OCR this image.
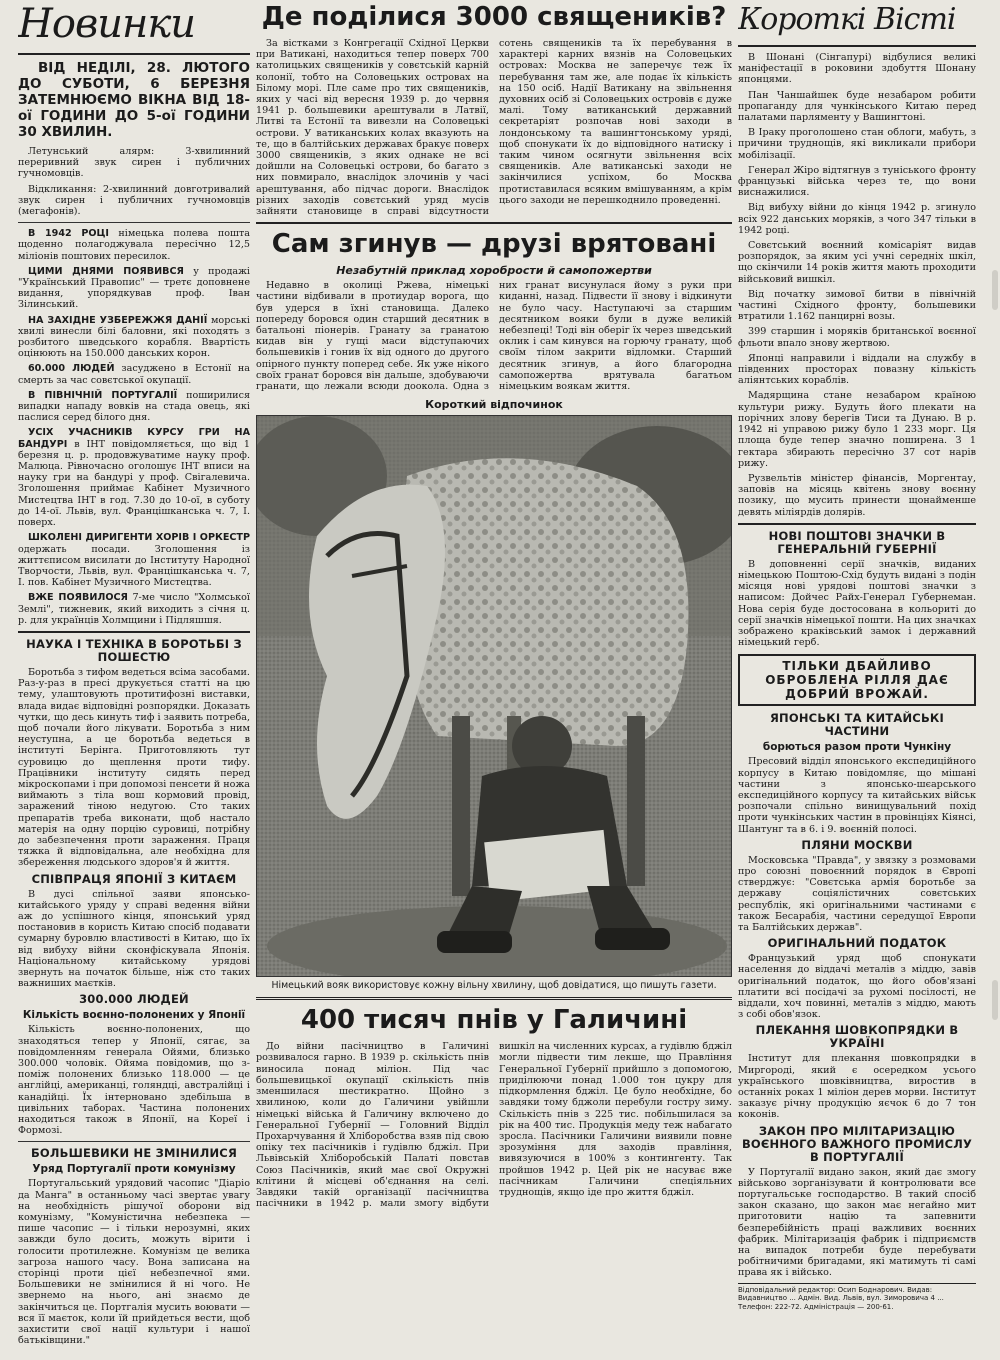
Новинки
ВІД НЕДІЛІ, 28. ЛЮТОГО ДО СУБОТИ, 6 БЕРЕЗНЯ ЗАТЕМНЮЄМО ВІКНА ВІД 18-ої ГОДИНИ ДО 5-ої ГОДИНИ 30 ХВИЛИН.

Летунський алярм: 3-хвилинний переривний звук сирен і публичних гучномовців.

Відкликання: 2-хвилинний довготривалий звук сирен і публичних гучномовців (мегафонів).

В 1942 РОЦІ німецька полева пошта щоденно полагоджувала пересічно 12,5 міліонів поштових пересилок.

ЦИМИ ДНЯМИ ПОЯВИВСЯ у продажі "Український Правопис" — третє доповнене видання, упорядкував проф. Іван Зілинський.

НА ЗАХІДНЕ УЗБЕРЕЖЖЯ ДАНІЇ морські хвилі винесли білі баловни, які походять з розбитого шведського корабля. Ввартість оцінюють на 150.000 данських корон.

60.000 ЛЮДЕЙ засуджено в Естонії на смерть за час совєтської окупації.

В ПІВНІЧНІЙ ПОРТУГАЛІЇ поширилися випадки нападу вовків на стада овець, які паслися серед білого дня.

УСІХ УЧАСНИКІВ КУРСУ ГРИ НА БАНДУРІ в ІНТ повідомляється, що від 1 березня ц. р. продовжуватиме науку проф. Малюца. Рівночасно оголошує ІНТ вписи на науку гри на бандурі у проф. Свігалевича. Зголошення приймає Кабінет Музичного Мистецтва ІНТ в год. 7.30 до 10-ої, в суботу до 14-ої. Львів, вул. Францішканська ч. 7, I. поверх.

ШКОЛЕНІ ДИРИГЕНТИ ХОРІВ І ОРКЕСТР одержать посади. Зголошення із життєписом висилати до Інституту Народної Творчости, Львів, вул. Францішканська ч. 7, I. пов. Кабінет Музичного Мистецтва.

ВЖЕ ПОЯВИЛОСЯ 7-ме число "Холмської Землі", тижневик, який виходить з січня ц. р. для українців Холмщини і Підляшшя.

НАУКА І ТЕХНІКА В БОРОТЬБІ З ПОШЕСТЮ

Боротьба з тифом ведеться всіма засобами. Раз-у-раз в пресі друкується статті на цю тему, улаштовують протитифозні виставки, влада видає відповідні розпорядки. Доказать чутки, що десь кинуть тиф і заявить потреба, щоб почали його лікувати. Боротьба з ним неуступна, а це боротьба ведеться в інституті Берінга. Приготовляють тут суровицю до щеплення проти тифу. Працівники інституту сидять перед мікроскопами і при допомозі пенсети й ножа виймають з тіла вош кормовий провід, заражений тіною недугою. Сто таких препаратів треба виконати, щоб настало матерія на одну порцію суровиці, потрібну до забезпечення проти зараження. Праця тяжка й відповідальна, але необхідна для збереження людського здоров'я й життя.

СПІВПРАЦЯ ЯПОНІЇ З КИТАЄМ

В дусі спільної заяви японсько-китайського уряду у справі ведення війни аж до успішного кінця, японський уряд постановив в користь Китаю спосіб подавати сумарну буровлю властивості в Китаю, що їх від вибуху війни сконфіскувала Японія. Національному китайському урядові звернуть на початок більше, ніж сто таких важниших маєтків.

300.000 ЛЮДЕЙ
Кількість воєнно-полонених у Японії

Кількість воєнно-полонених, що знаходяться тепер у Японії, сягає, за повідомленням генерала Ойями, близько 300.000 чоловік. Ойяма повідомив, що з-поміж полонених близько 118.000 — це англійці, американці, голяндці, австралійці і канадійці. Їх інтерновано здебільша в цивільних таборах. Частина полонених находиться також в Японії, на Кореї і Формозі.

БОЛЬШЕВИКИ НЕ ЗМІНИЛИСЯ
Уряд Португалії проти комунізму

Португальський урядовий часопис "Діаріо да Манга" в останньому часі звертає увагу на необхідність рішучої оборони від комунізму, "Комуністична небезпека — пише часопис — і тільки нерозумні, яких завжди було досить, можуть вірити і голосити протилежне. Комунізм це велика загроза нашого часу. Вона записана на сторінці проти цієї небезпечної ями. Большевики не змінилися й ні чого. Не звернемо на нього, ані знаємо де закінчиться це. Портгалія мусить воювати — вся її маєток, коли їй прийдеться вести, щоб захистити свої нації культури і нашої батьківщини."

Де поділися 3000 священиків?

За вістками з Конгрегації Східної Церкви при Ватикані, находиться тепер поверх 700 католицьких священиків у совєтській карній колонії, тобто на Соловецьких островах на Білому морі. Пле саме про тих священиків, яких у часі від вересня 1939 р. до червня 1941 р. большевики арештували в Латвії, Литві та Естонії та вивезли на Соловецькі острови. У ватиканських колах вказують на те, що в балтійських державах бракує поверх 3000 священиків, з яких однаке не всі дойшли на Соловецькі острови, бо багато з них повмирало, внаслідок злочинів у часі арештування, або підчас дороги. Внаслідок різних заходів совєтський уряд мусів зайняти становище в справі відсутности сотень священиків та їх перебування в характері карних вязнів на Соловецьких островах: Москва не заперечує теж їх перебування там же, але подає їх кількість на 150 осіб. Надії Ватикану на звільнення духовних осіб зі Соловецьких островів є дуже малі. Тому ватиканський державний секретаріят розпочав нові заходи в лондонському та вашингтонському уряді, щоб спонукати їх до відповідного натиску і таким чином осягнути звільнення всіх священиків. Але ватиканські заходи не закінчилися успіхом, бо Москва протиставилася всяким вмішуванням, а крім цього заходи не перешкоднило проведенні.

Сам згинув — друзі врятовані
Незабутній приклад хоробрости й самопожертви

Недавно в околиці Ржева, німецькі частини відбивали в протиудар ворога, що був удерся в їхні становища. Далеко попереду боровся один старший десятник в батальоні піонерів. Гранату за гранатою кидав він у гущі маси відступаючих большевиків і гонив їх від одного до другого опірного пункту поперед себе. Як уже нікого своїх гранат боровся він дальше, здобуваючи гранати, що лежали всюди доокола. Одна з них гранат висунулася йому з руки при киданні, назад. Підвести її знову і відкинути не було часу. Наступаючі за старшим десятником вояки були в дуже великій небезпеці! Тоді він оберіг їх через шведський оклик і сам кинувся на горючу гранату, щоб своїм тілом закрити відломки. Старший десятник згинув, а його благородна самопожертва врятувала багатьом німецьким воякам життя.

Короткий відпочинок
Німецький вояк використовує кожну вільну хвилину, щоб довідатися, що пишуть газети.
400 тисяч пнів у Галичині

До війни пасічництво в Галичині розвивалося гарно. В 1939 р. скількість пнів виносила понад міліон. Під час большевицької окупації скількість пнів зменшилася шестикратно. Щойно з хвилиною, коли до Галичини увійшли німецькі війська й Галичину включено до Генеральної Губернії — Головний Відділ Прохарчування й Хліборобства взяв під свою опіку тех пасічників і гудівлю бджіл. При Львівській Хліборобській Палаті повстав Союз Пасічників, який має свої Окружні клітини й місцеві об'єднання на селі. Завдяки такій організації пасічництва пасічники в 1942 р. мали змогу відбути вишкіл на численних курсах, а гудівлю бджіл могли підвести тим лекше, що Правління Генеральної Губернії прийшло з допомогою, приділюючи понад 1.000 тон цукру для підкормлення бджіл. Це було необхідне, бо завдяки тому бджоли перебули гостру зиму. Скількість пнів з 225 тис. побільшилася за рік на 400 тис. Продукція меду теж набагато зросла. Пасічники Галичини виявили повне зрозуміння для заходів правління, вивязуючися в 100% з контингенту. Так пройшов 1942 р. Цей рік не насуває вже пасічникам Галичини спеціяльних труднощів, якщо іде про життя бджіл.

Короткі Вісті

В Шонані (Сінгапурі) відбулися великі маніфестації в роковини здобуття Шонану японцями.

Пан Чаншайшек буде незабаром робити пропаганду для чункінського Китаю перед палатами парляменту у Вашингтоні.

В Іраку проголошено стан облоги, мабуть, з причини труднощів, які викликали прибори мобілізації.

Генерал Жіро відтягнув з туніського фронту французькі війська через те, що вони виснажилися.

Від вибуху війни до кінця 1942 р. згинуло всіх 922 данських моряків, з чого 347 тільки в 1942 році.

Совєтський воєнний комісаріят видав розпорядок, за яким усі учні середніх шкіл, що скінчили 14 років життя мають проходити військовий вишкіл.

Від початку зимової битви в північній частині Східного фронту, большевики втратили 1.162 панцирні возы.

399 старшин і моряків британської воєнної фльоти впало знову жертвою.

Японці направили і віддали на службу в південних просторах повазну кількість аліянтських кораблів.

Мадярщина стане незабаром країною культури рижу. Будуть його плекати на порічних злову берегів Тиси та Дунаю. В р. 1942 ні управою рижу було 1 233 морг. Ця площа буде тепер значно поширена. З 1 гектара збирають пересічно 37 сот нарів рижу.

Рузвельтів міністер фінансів, Моргентау, заповів на місяць квітень знову воєнну позику, що мусить принести щонайменше девять міліярдів долярів.

НОВІ ПОШТОВІ ЗНАЧКИ В ГЕНЕРАЛЬНІЙ ГУБЕРНІЇ

В доповненні серії значків, виданих німецькою Поштою-Схід будуть видані з подін місяця нові урядові поштові значки з написом: Дойчес Райх-Генерал Губернеман. Нова серія буде достосована в кольориті до серії значків німецької пошти. На цих значках зображено краківський замок і державний німецький герб.

ТІЛЬКИ ДБАЙЛИВО ОБРОБЛЕНА РІЛЛЯ ДАЄ ДОБРИЙ ВРОЖАЙ.
ЯПОНСЬКІ ТА КИТАЙСЬКІ ЧАСТИНИ
борються разом проти Чункіну

Пресовий відділ японського експедиційного корпусу в Китаю повідомляє, що мішані частини з японсько-шєарського експедиційного корпусу та китайських військ розпочали спільно винищувальний похід проти чункінських частин в провінціях Кіянсі, Шантунг та в 6. і 9. воєнній полосі.

ПЛЯНИ МОСКВИ

Московська "Правда", у звязку з розмовами про союзні повоєнний порядок в Європі стверджує: "Совєтська армія боротьбе за державу соціялістичних совєтських республік, які оригінальними частинами є також Бесарабія, частини середущої Европи та Балтійських держав".

ОРИГІНАЛЬНИЙ ПОДАТОК

Французький уряд щоб спонукати населення до віддачі металів з міддю, завів оригінальний податок, що його обов'язані платити всі посідачі за рухомі посілості, не віддали, хоч повинні, металів з міддю, мають з собі обов'язок.

ПЛЕКАННЯ ШОВКОПРЯДКИ В УКРАЇНІ

Інститут для плекання шовкопрядки в Миргороді, який є осередком усього українського шовківництва, виростив в останніх роках 1 міліон дерев морви. Інститут заказує річну продукцію яєчок 6 до 7 тон коконів.

ЗАКОН ПРО МІЛІТАРИЗАЦІЮ ВОЄННОГО ВАЖНОГО ПРОМИСЛУ В ПОРТУГАЛІЇ

У Португалії видано закон, який дає змогу військово зорганізувати й контролювати все португальське господарство. В такий спосіб закон сказано, що закон має негайно мит приготовити націю та запевнити безперебійність праці важливих воєнних фабрик. Мілітаризація фабрик і підприємств на випадок потреби буде перебувати робітничими бригадами, які матимуть ті самі права як i військо.

Відповідальний редактор: Осип Боднарович. Видав: Видавництво ... Адмін. Вид. Львів, вул. Зиморовича 4 ... Телефон: 222-72. Адміністрація — 200-61.
